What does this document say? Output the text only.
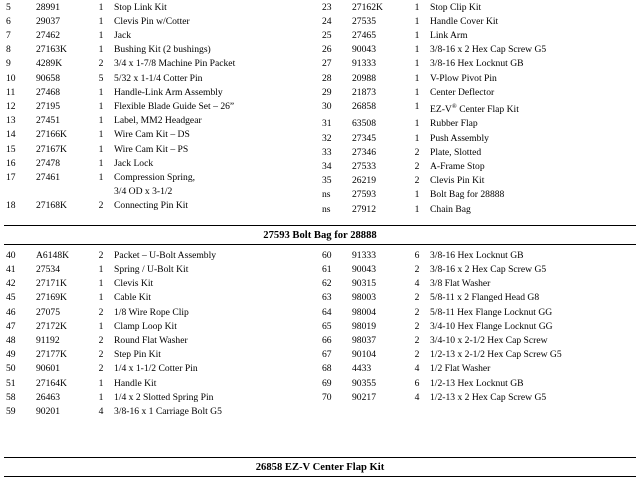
5	28991	1	Stop Link Kit
6	29037	1	Clevis Pin w/Cotter
7	27462	1	Jack
8	27163K	1	Bushing Kit (2 bushings)
9	4289K	2	3/4 x 1-7/8 Machine Pin Packet
10	90658	5	5/32 x 1-1/4 Cotter Pin
11	27468	1	Handle-Link Arm Assembly
12	27195	1	Flexible Blade Guide Set – 26”
13	27451	1	Label, MM2 Headgear
14	27166K	1	Wire Cam Kit – DS
15	27167K	1	Wire Cam Kit – PS
16	27478	1	Jack Lock
17	27461	1	Compression Spring,
			3/4 OD x 3-1/2
18	27168K	2	Connecting Pin Kit

23	27162K	1	Stop Clip Kit
24	27535	1	Handle Cover Kit
25	27465	1	Link Arm
26	90043	1	3/8-16 x 2 Hex Cap Screw G5
27	91333	1	3/8-16 Hex Locknut GB
28	20988	1	V-Plow Pivot Pin
29	21873	1	Center Deflector
30	26858	1	EZ-V® Center Flap Kit
31	63508	1	Rubber Flap
32	27345	1	Push Assembly
33	27346	2	Plate, Slotted
34	27533	2	A-Frame Stop
35	26219	2	Clevis Pin Kit
ns	27593	1	Bolt Bag for 28888
ns	27912	1	Chain Bag

27593 Bolt Bag for 28888
40	A6148K	2	Packet – U-Bolt Assembly
41	27534	1	Spring / U-Bolt Kit
42	27171K	1	Clevis Kit
45	27169K	1	Cable Kit
46	27075	2	1/8 Wire Rope Clip
47	27172K	1	Clamp Loop Kit
48	91192	2	Round Flat Washer
49	27177K	2	Step Pin Kit
50	90601	2	1/4 x 1-1/2 Cotter Pin
51	27164K	1	Handle Kit
58	26463	1	1/4 x 2 Slotted Spring Pin
59	90201	4	3/8-16 x 1 Carriage Bolt G5
60	91333	6	3/8-16 Hex Locknut GB
61	90043	2	3/8-16 x 2 Hex Cap Screw G5
62	90315	4	3/8 Flat Washer
63	98003	2	5/8-11 x 2 Flanged Head G8
64	98004	2	5/8-11 Hex Flange Locknut GG
65	98019	2	3/4-10 Hex Flange Locknut GG
66	98037	2	3/4-10 x 2-1/2 Hex Cap Screw
67	90104	2	1/2-13 x 2-1/2 Hex Cap Screw G5
68	4433	4	1/2 Flat Washer
69	90355	6	1/2-13 Hex Locknut GB
70	90217	4	1/2-13 x 2 Hex Cap Screw G5
26858 EZ-V Center Flap Kit
